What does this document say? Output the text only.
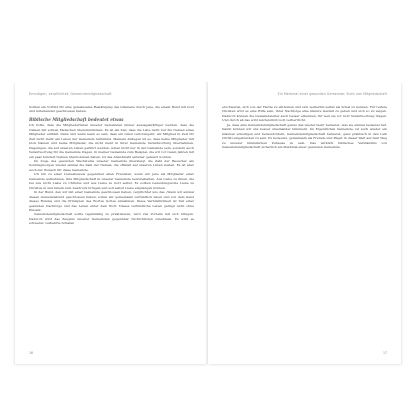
Ermutigen, verpflichtet: Gemeindemitgliedschaft

Sollten ein Vorbild für eine gemeinsame Bestätigung des Glaubens durch jene, die einem Bund mit Gott und miteinander geschlossen haben.

Biblische Mitgliedschaft bedeutet etwas

Ich hoffe, dass die Mitgliederlisten unserer Gemeinden immer aussagekräftiger werden, dass die Namen mit echten Menschen übereinstimmen. Es ist ein Ziel, dass die Liste nicht nur die Namen eines Mitglieder enthält. Dann und wann kann es sein, dass ein Glied verlorengeht, ein Mitglied in Zeit für Zeit nicht mehr am Leben der Gemeinde teilnimmt. Meinem Anliegen ist es, dass keine Mitglieder mit bloß Namen und keine Mitglieder, die nicht mehr in ihrer Gemeinde Verantwortung übernehmen. Diejenigen, die auf unseren Listen geführt werden, sollen nicht nur in der Gemeinde sein, sondern auch Verantwortung für die Gemeinde tragen. In meiner Gemeinde zum Beispiel, die wir vor vielen Jahren mit ein paar hundert Namen übernommen haben, ist das Abendmahl seltener gefeiert worden.

Im Zuge des gesunden Wachstums unserer Gemeinde übersteigt die Zahl der Besucher am Sonntagmorgen wieder einmal die Zahl der Namen, die offiziell auf unseren Listen stehen. Es ist aber auch der Wunsch für diese Gemeinde.

Ich bin zu einer Liebesbeweis gegenüber allen Freunden, wenn wir jene als Mitglieder einer Gemeinde aufnehmen, ihre Mitgliedschaft in unserer Gemeinde beizubehalten. Aus Liebe zu ihnen, die bei uns nicht Liebe zu Christus und aus Liebe zu Gott selbst. Es sollten bedeutungsvolle Liebe zu Christus in und hinein zum Ausdruck bringen und soll selbst Liebe empfangen können.

In der Bund, den wir mit einer Gemeinde geschlossen haben, verpflichtet uns das „Wenn wir einmal diesen Gemeindebund geschlossen haben, sollen wir gemeinsam verbindlich leben und von dem Geist dieses Bundes und die Prinzipien des Wortes Gottes annehmen. Diese Verbindlichkeit ist Teil einer gesunden Nachfolge und das Leben unter dem Wort. Dieses verbindliche Leben gelingt nicht ohne Einsatz.

Gemeindemitgliedschaft sollte regelmäßig zu praktizieren, wird viel Vorteile mit sich bringen. Dadurch wird das Zeugnis unserer Gemeinden gegenüber Nichtchristen zunehmen. Es wird es schwerer, verkehrte Schafen

16
Ein Merkmal einer gesunden Gemeinde: Sicht von Mitgliedschaft

erschweren, sich von der Herde zu entfernen und sich weiterhin selbst als Schaf zu nennen. Für reifere Christen wird es eine Hilfe sein, ihrer Nachfolge eine klarere Gestalt zu geben und sich so zu zeigen. Dadurch können die Gemeindeleiter auch besser erkennen, für wen sie vor Gott Verantwortung tragen. Und durch all das wird letztendlich Gott verherrlicht.

Ja, dass eine Gemeindemitgliedschaft genau das wieder mehr bedeutet, was sie einmal bedeutet hat. Damit können wir uns besser umeinander kümmern. Im Eigentlichen Gemeinde, ist auch wieder ein Glauben ermutigen und herausfordern, Gemeindemitgliedschaft bedeutet, ganz praktisch in den Leib Christi eingebunden zu sein. Es bedeutet, gemeinsam als Fremde und Pilger in dieser Welt auf dem Weg zu unserer himmlischen Zuhause zu sein. Das wirklich biblisches Verständnis von Gemeindemitgliedschaft sicherlich ein Merkmal einer gesunden Gemeinde.

17
